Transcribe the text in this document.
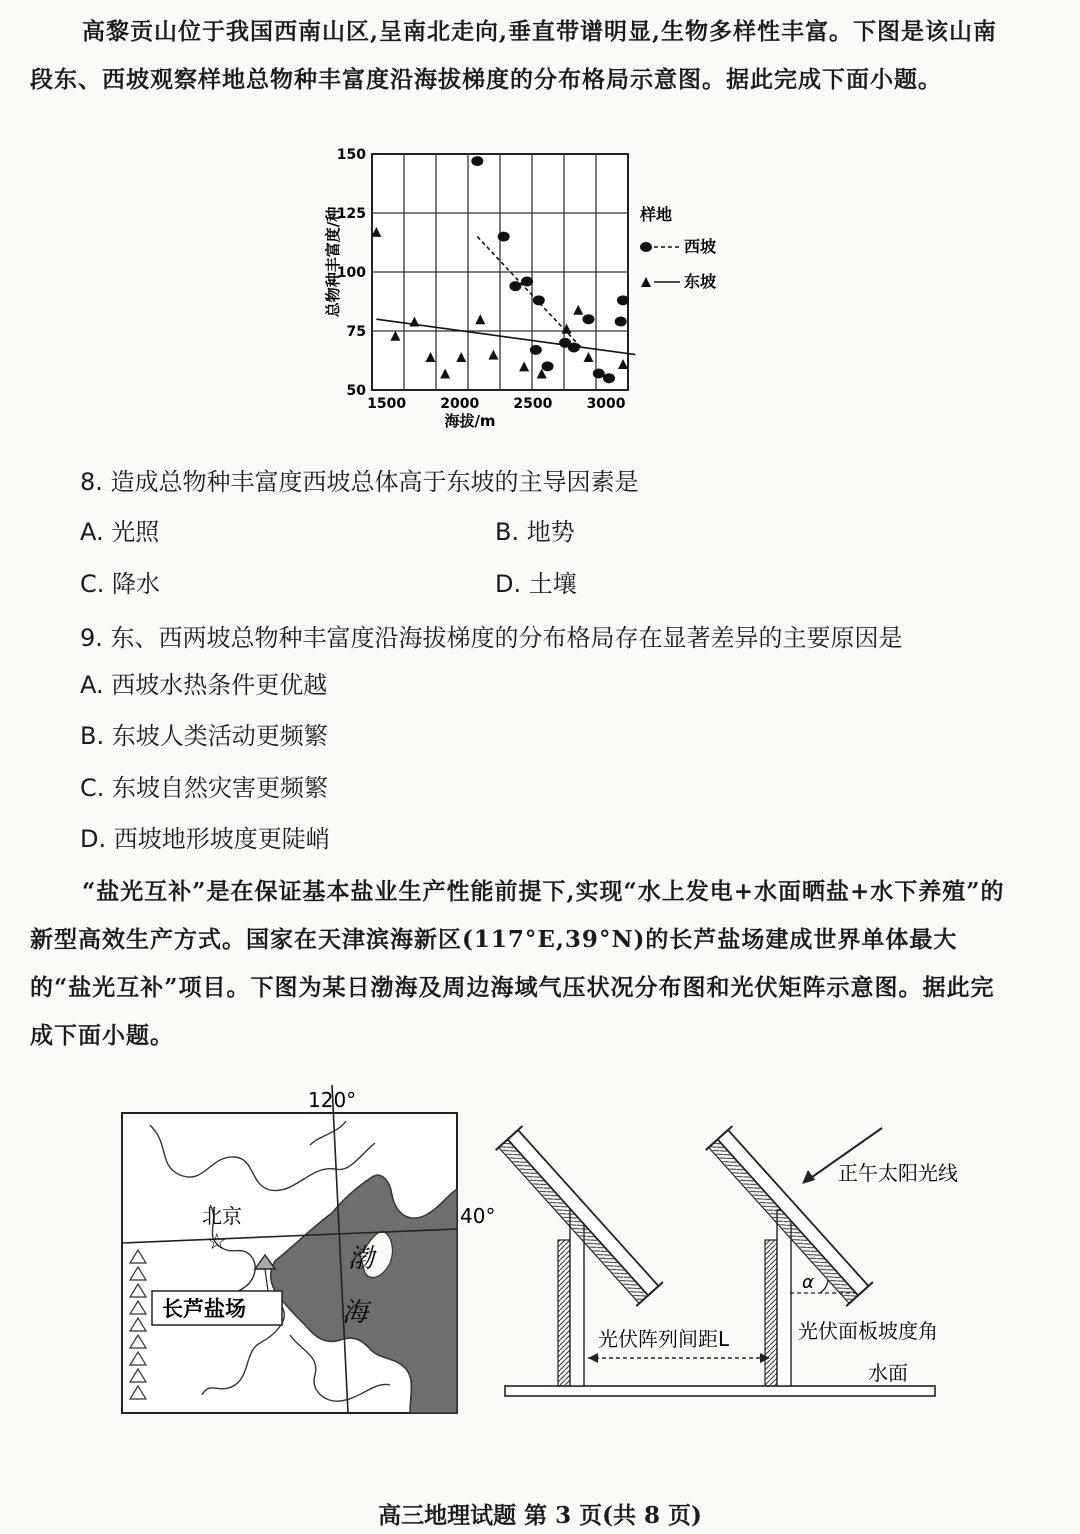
高黎贡山位于我国西南山区,呈南北走向,垂直带谱明显,生物多样性丰富。下图是该山南段东、西坡观察样地总物种丰富度沿海拔梯度的分布格局示意图。据此完成下面小题。

50
75
100
125
150
1500 2000 2500 3000
海拔/m
总物种丰富度/种	样地
西坡
东坡

8. 造成总物种丰富度西坡总体高于东坡的主导因素是

A. 光照	B. 地势

C. 降水	D. 土壤

9. 东、西两坡总物种丰富度沿海拔梯度的分布格局存在显著差异的主要原因是

A. 西坡水热条件更优越

B. 东坡人类活动更频繁

C. 东坡自然灾害更频繁

D. 西坡地形坡度更陡峭

“盐光互补”是在保证基本盐业生产性能前提下,实现“水上发电+水面晒盐+水下养殖”的新型高效生产方式。国家在天津滨海新区(117°E,39°N)的长芦盐场建成世界单体最大的“盐光互补”项目。下图为某日渤海及周边海域气压状况分布图和光伏矩阵示意图。据此完成下面小题。

☆
北京
长芦盐场
渤
海
120°
40°
水面
正午太阳光线
α
光伏面板坡度角
光伏阵列间距L
高三地理试题 第 3 页(共 8 页)
